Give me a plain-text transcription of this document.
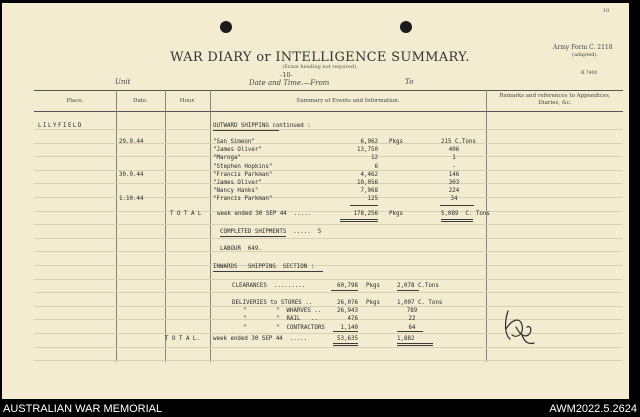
10
WAR DIARY or INTELLIGENCE SUMMARY.
(Erase heading not required).
Army Form C. 2118
(adapted).
B.7400
Unit
-10-
Date and Time.—From	To
Place.	Date.	Hour.	Summary of Events and Information.
Remarks and references to Appendices, Diaries, &c.
LILYFIELD	OUTWARD SHIPPING continued :
29.9.44	"San Simeon"	6,962 Pkgs	215 C.Tons
"James Oliver"	13,750	406
"Maroga"	12	1
"Stephen Hopkins"	6	-
30.9.44	"Francis Parkman"	4,462	146
"James Oliver"	10,056	303
"Nancy Hanks"	7,968	224
1.10.44	"Francis Parkman"	125	34
T O T A L	week ended 30 SEP 44  .....	178,256 Pkgs	5,089  C. Tons
COMPLETED SHIPMENTS  .....  5
LABOUR  649.
INWARDS   SHIPPING  SECTION :
CLEARANCES  .........	60,798 Pkgs	2,078 C.Tons
DELIVERIES to STORES ..	26,076 Pkgs	1,007 C. Tons
"	"  WHARVES ..	26,943	789
"	"  RAIL   ..	476	22
"	"  CONTRACTORS	1,140	64
T O T A L. week ended 30 SEP 44  .....	53,635	1,882
AUSTRALIAN WAR MEMORIAL	AWM2022.5.2624
